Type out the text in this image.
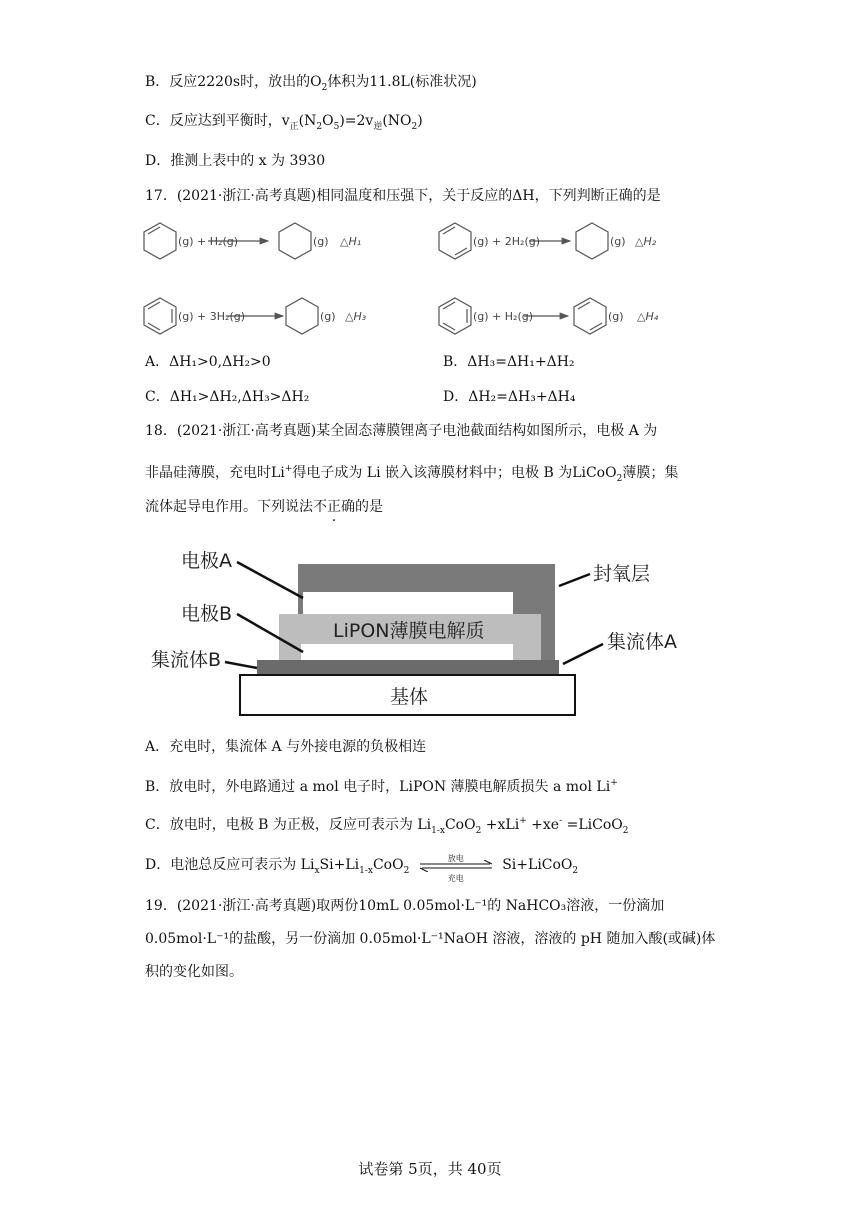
B．反应2220s时，放出的$O_2$体积为11.8L(标准状况)
C．反应达到平衡时，$v_正(N_2O_5)=2v_逆(NO_2)$
D．推测上表中的 x 为 3930
17．(2021·浙江·高考真题)相同温度和压强下，关于反应的ΔH，下列判断正确的是
(g) + H₂(g)	(g) △H₁	(g) + 2H₂(g)	(g) △H₂
(g) + 3H₂(g)	(g) △H₃	(g) + H₂(g)	(g) △H₄
A．ΔH₁>0,ΔH₂>0	B．ΔH₃=ΔH₁+ΔH₂
C．ΔH₁>ΔH₂,ΔH₃>ΔH₂	D．ΔH₂=ΔH₃+ΔH₄
18．(2021·浙江·高考真题)某全固态薄膜锂离子电池截面结构如图所示，电极 A 为
非晶硅薄膜，充电时Li+得电子成为 Li 嵌入该薄膜材料中；电极 B 为LiCoO$_2$薄膜；集
流体起导电作用。下列说法不正确的是
LiPON薄膜电解质
基体
电极A
电极B
集流体B
封氧层
集流体A
A．充电时，集流体 A 与外接电源的负极相连
B．放电时，外电路通过 a mol 电子时，LiPON 薄膜电解质损失 a mol Li+
C．放电时，电极 B 为正极，反应可表示为 $Li_{1-x}CoO_2 +xLi^+ +xe^-$ =LiCoO$_2$
D．电池总反应可表示为 $Li_xSi+Li_{1-x}CoO_2$
放电
充电
Si+LiCoO$_2$
19．(2021·浙江·高考真题)取两份10mL 0.05mol·L⁻¹的 NaHCO₃溶液，一份滴加
0.05mol·L⁻¹的盐酸，另一份滴加 0.05mol·L⁻¹NaOH 溶液，溶液的 pH 随加入酸(或碱)体
积的变化如图。
试卷第 5页，共 40页
